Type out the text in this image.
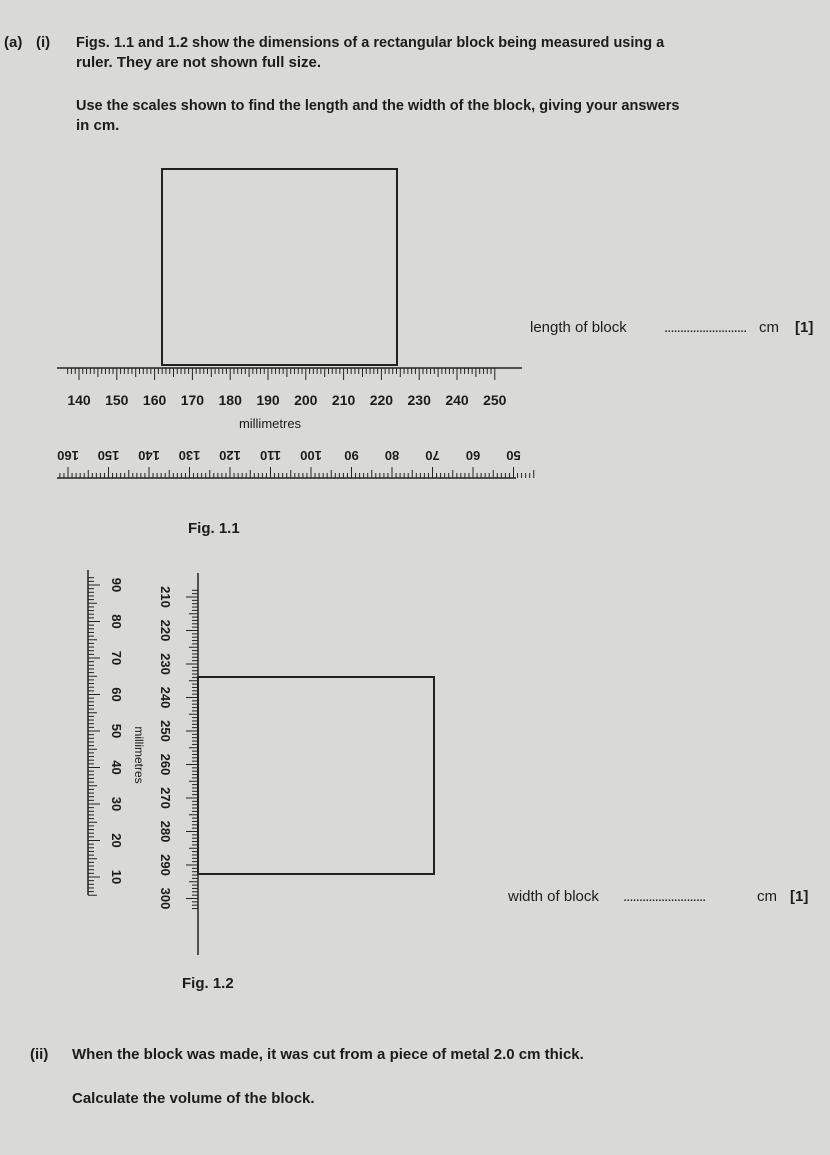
(a) (i) Figs. 1.1 and 1.2 show the dimensions of a rectangular block being measured using a
ruler. They are not shown full size.
Use the scales shown to find the length and the width of the block, giving your answers
in cm.
140 150 160 170 180 190 200 210 220 230 240 250
160 150 140 130 120 110 100 90 80 70 60 50
millimetres
length of block .......................... cm [1]
Fig. 1.1
90
80
70
60
50
40
30
20
10
210
220
230
240
250
260
270
280
290
300
millimetres
width of block ..........................	cm [1]
Fig. 1.2
(ii) When the block was made, it was cut from a piece of metal 2.0 cm thick.
Calculate the volume of the block.
